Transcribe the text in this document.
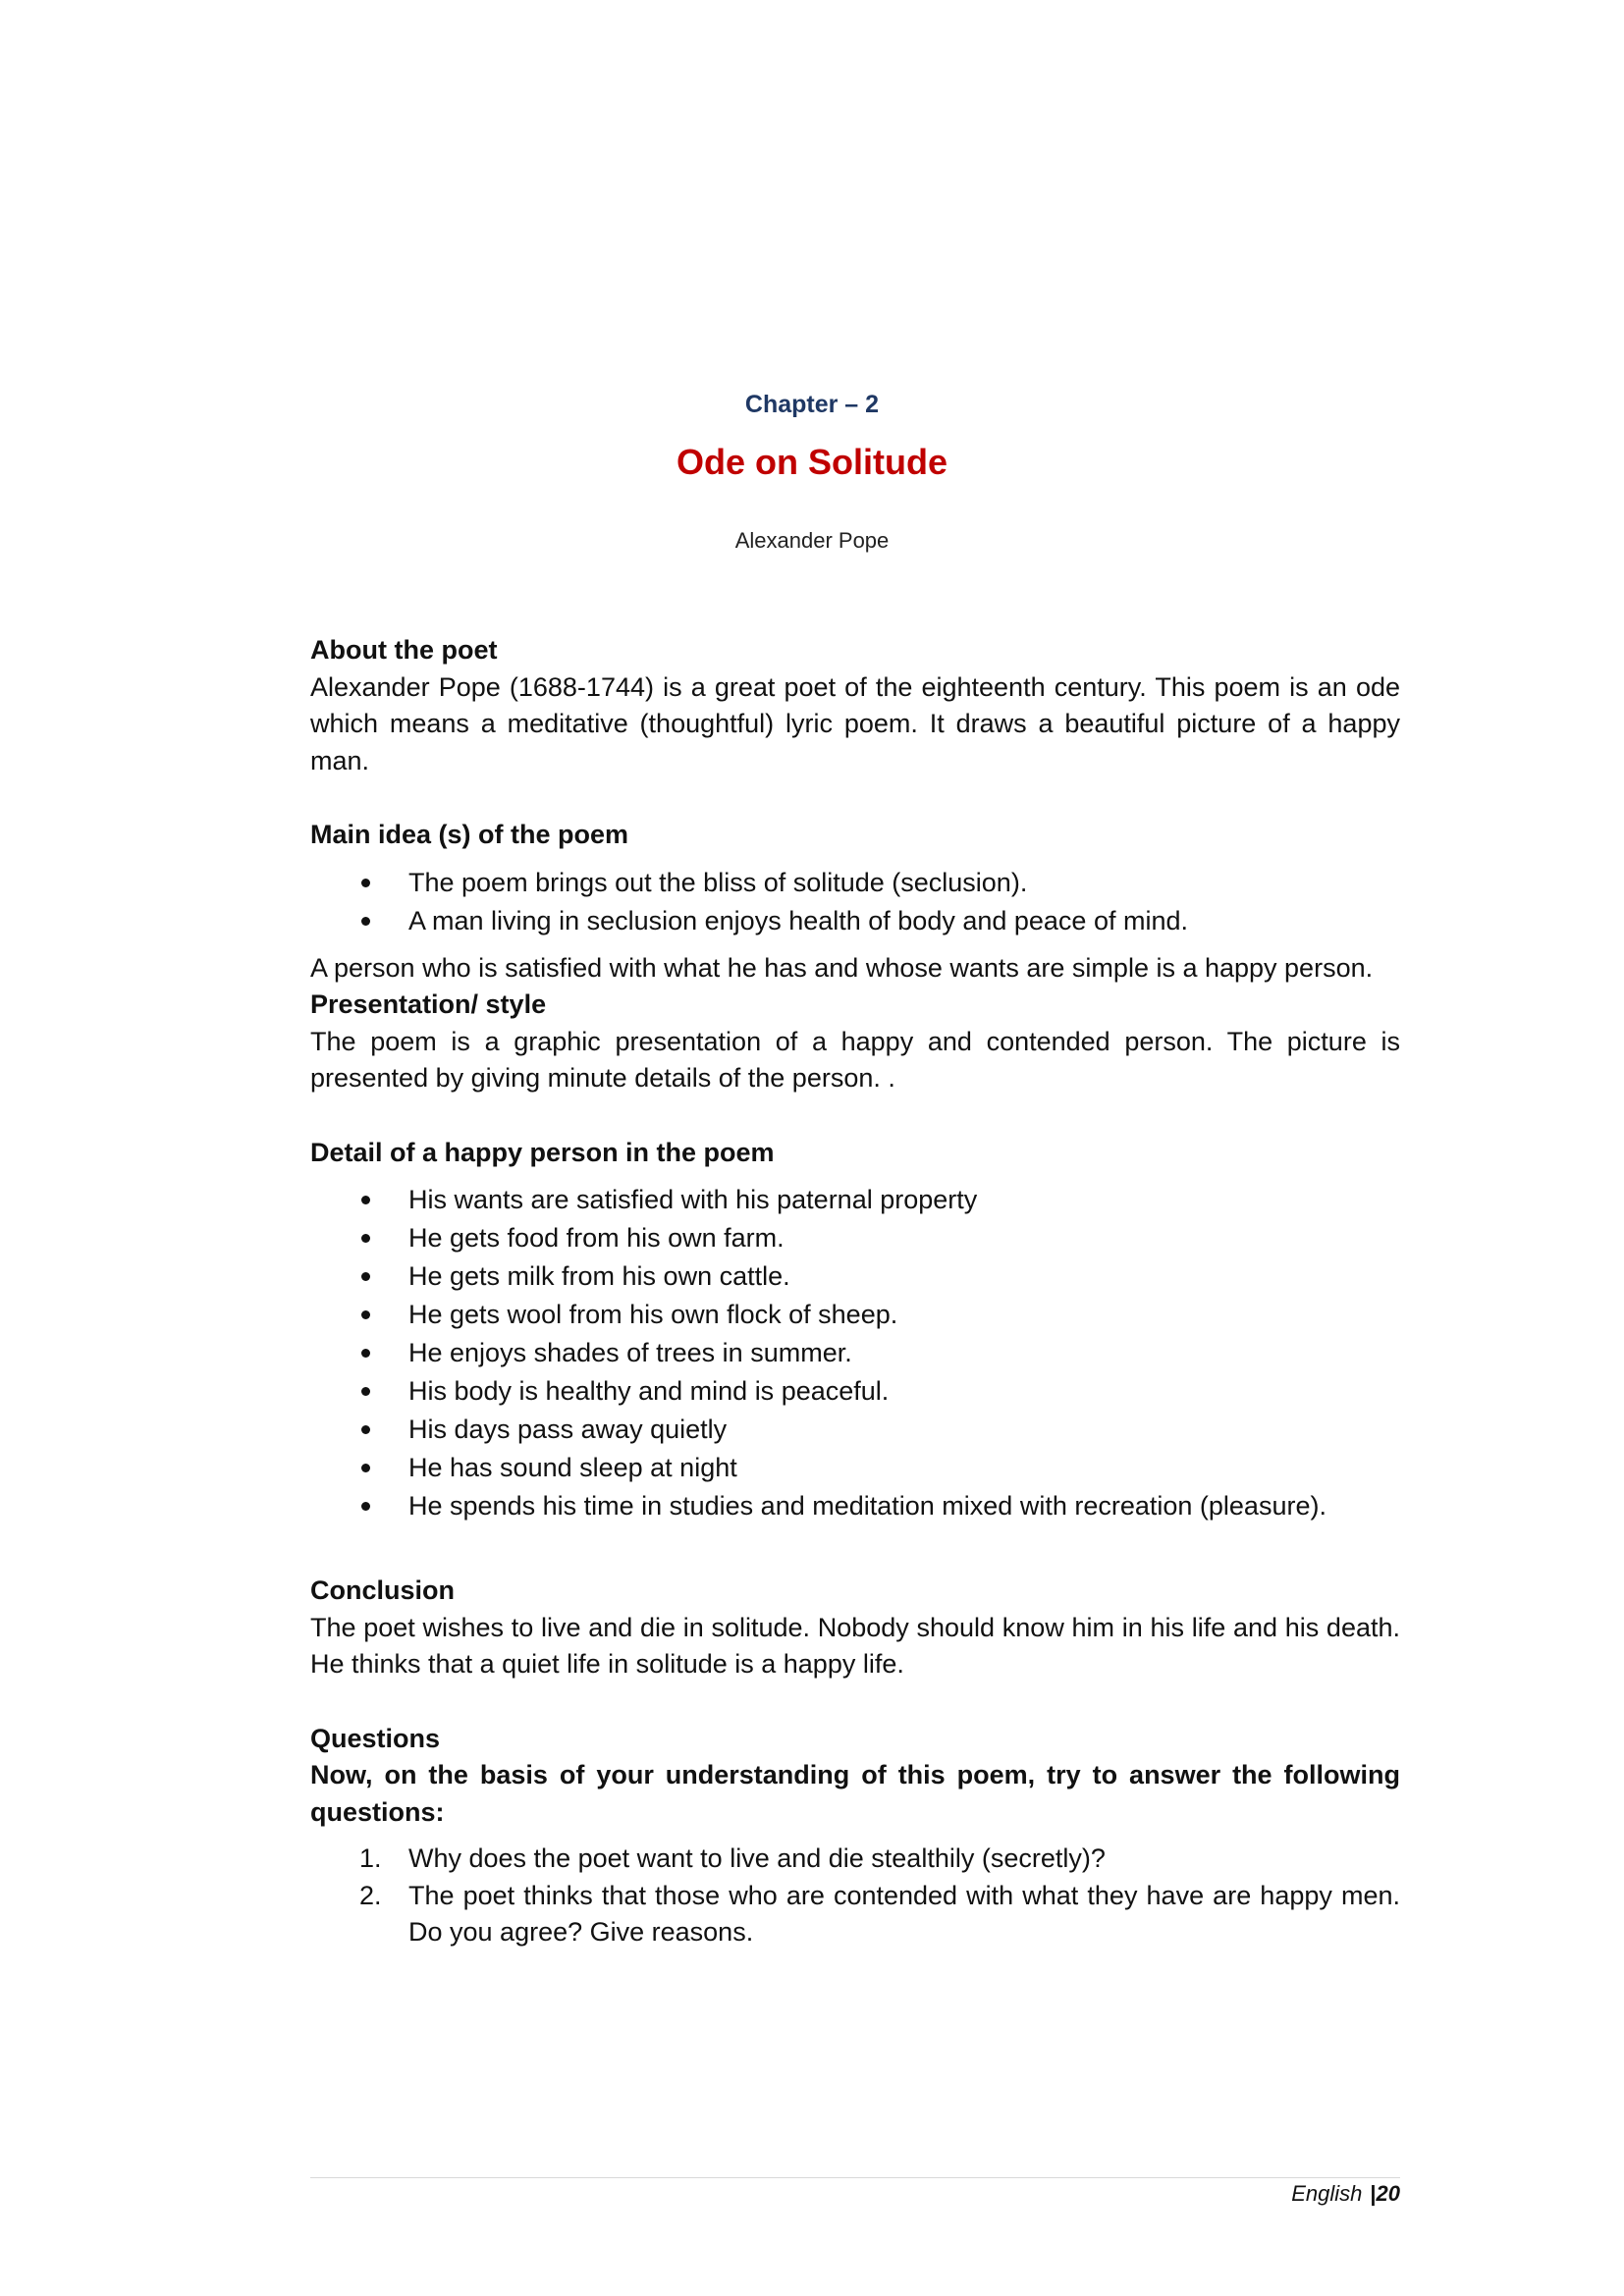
Chapter – 2
Ode on Solitude
Alexander Pope
About the poet

Alexander Pope (1688-1744) is a great poet of the eighteenth century. This poem is an ode which means a meditative (thoughtful) lyric poem. It draws a beautiful picture of a happy man.

Main idea (s) of the poem
The poem brings out the bliss of solitude (seclusion).
A man living in seclusion enjoys health of body and peace of mind.

A person who is satisfied with what he has and whose wants are simple is a happy person.

Presentation/ style

The poem is a graphic presentation of a happy and contended person. The picture is presented by giving minute details of the person. .

Detail of a happy person in the poem
His wants are satisfied with his paternal property
He gets food from his own farm.
He gets milk from his own cattle.
He gets wool from his own flock of sheep.
He enjoys shades of trees in summer.
His body is healthy and mind is peaceful.
His days pass away quietly
He has sound sleep at night
He spends his time in studies and meditation mixed with recreation (pleasure).
Conclusion

The poet wishes to live and die in solitude. Nobody should know him in his life and his death. He thinks that a quiet life in solitude is a happy life.

Questions

Now, on the basis of your understanding of this poem, try to answer the following questions:

1. Why does the poet want to live and die stealthily (secretly)?
2. The poet thinks that those who are contended with what they have are happy men. Do you agree? Give reasons.
English |20
